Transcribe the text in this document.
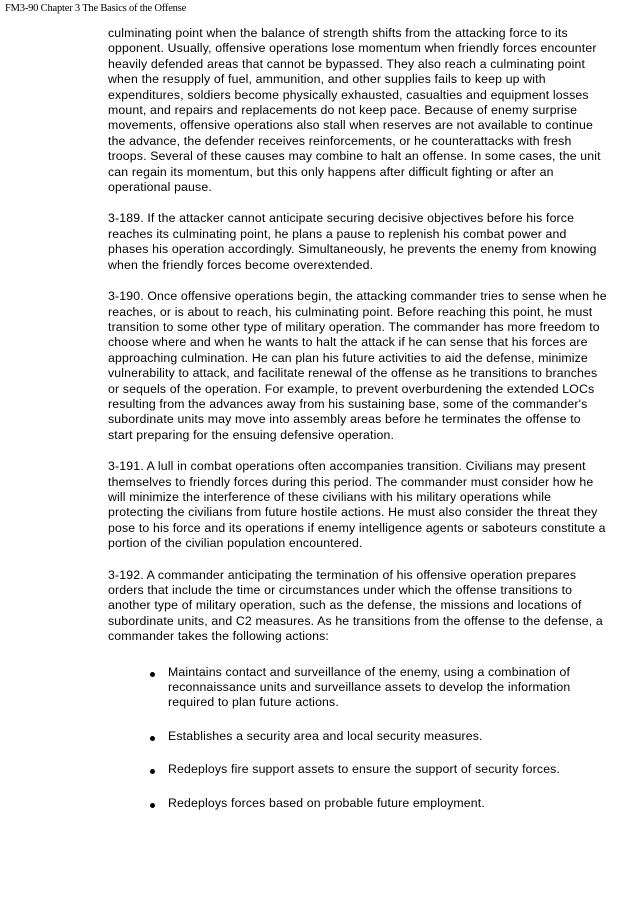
FM3-90 Chapter 3 The Basics of the Offense

culminating point when the balance of strength shifts from the attacking force to its opponent. Usually, offensive operations lose momentum when friendly forces encounter heavily defended areas that cannot be bypassed. They also reach a culminating point when the resupply of fuel, ammunition, and other supplies fails to keep up with expenditures, soldiers become physically exhausted, casualties and equipment losses mount, and repairs and replacements do not keep pace. Because of enemy surprise movements, offensive operations also stall when reserves are not available to continue the advance, the defender receives reinforcements, or he counterattacks with fresh troops. Several of these causes may combine to halt an offense. In some cases, the unit can regain its momentum, but this only happens after difficult fighting or after an operational pause.

3-189. If the attacker cannot anticipate securing decisive objectives before his force reaches its culminating point, he plans a pause to replenish his combat power and phases his operation accordingly. Simultaneously, he prevents the enemy from knowing when the friendly forces become overextended.

3-190. Once offensive operations begin, the attacking commander tries to sense when he reaches, or is about to reach, his culminating point. Before reaching this point, he must transition to some other type of military operation. The commander has more freedom to choose where and when he wants to halt the attack if he can sense that his forces are approaching culmination. He can plan his future activities to aid the defense, minimize vulnerability to attack, and facilitate renewal of the offense as he transitions to branches or sequels of the operation. For example, to prevent overburdening the extended LOCs resulting from the advances away from his sustaining base, some of the commander's subordinate units may move into assembly areas before he terminates the offense to start preparing for the ensuing defensive operation.

3-191. A lull in combat operations often accompanies transition. Civilians may present themselves to friendly forces during this period. The commander must consider how he will minimize the interference of these civilians with his military operations while protecting the civilians from future hostile actions. He must also consider the threat they pose to his force and its operations if enemy intelligence agents or saboteurs constitute a portion of the civilian population encountered.

3-192. A commander anticipating the termination of his offensive operation prepares orders that include the time or circumstances under which the offense transitions to another type of military operation, such as the defense, the missions and locations of subordinate units, and C2 measures. As he transitions from the offense to the defense, a commander takes the following actions:

Maintains contact and surveillance of the enemy, using a combination of reconnaissance units and surveillance assets to develop the information required to plan future actions.
Establishes a security area and local security measures.
Redeploys fire support assets to ensure the support of security forces.
Redeploys forces based on probable future employment.
